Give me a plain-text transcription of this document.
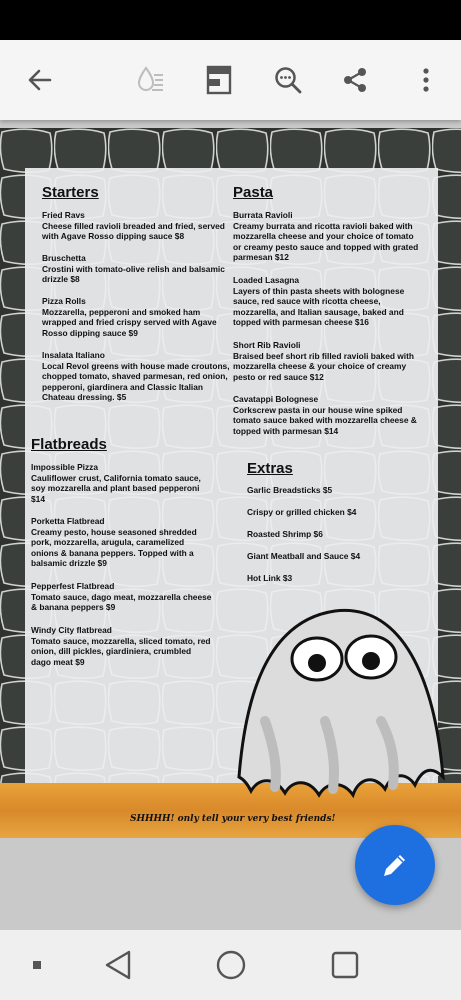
Starters
Fried Ravs
Cheese filled ravioli breaded and fried, served with Agave Rosso dipping sauce $8
Bruschetta
Crostini with tomato-olive relish and balsamic drizzle $8
Pizza Rolls
Mozzarella, pepperoni and smoked ham wrapped and fried crispy served with Agave Rosso dipping sauce $9
Insalata Italiano
Local Revol greens with house made croutons, chopped tomato, shaved parmesan, red onion, pepperoni, giardinera and Classic Italian Chateau dressing. $5
Pasta
Burrata Ravioli
Creamy burrata and ricotta ravioli baked with mozzarella cheese and your choice of tomato or creamy pesto sauce and topped with grated parmesan $12
Loaded Lasagna
Layers of thin pasta sheets with bolognese sauce, red sauce with ricotta cheese, mozzarella, and Italian sausage, baked and topped with parmesan cheese $16
Short Rib Ravioli
Braised beef short rib filled ravioli baked with mozzarella cheese & your choice of creamy pesto or red sauce $12
Cavatappi Bolognese
Corkscrew pasta in our house wine spiked tomato sauce baked with mozzarella cheese & topped with parmesan $14
Flatbreads
Impossible Pizza
Cauliflower crust, California tomato sauce, soy mozzarella and plant based pepperoni $14
Porketta Flatbread
Creamy pesto, house seasoned shredded pork, mozzarella, arugula, caramelized onions & banana peppers. Topped with a balsamic drizzle $9
Pepperfest Flatbread
Tomato sauce, dago meat, mozzarella cheese & banana peppers $9
Windy City flatbread
Tomato sauce, mozzarella, sliced tomato, red onion, dill pickles, giardiniera, crumbled dago meat $9
Extras
Garlic Breadsticks $5
Crispy or grilled chicken $4
Roasted Shrimp $6
Giant Meatball and Sauce $4
Hot Link $3
SHHHH! only tell your very best friends!
